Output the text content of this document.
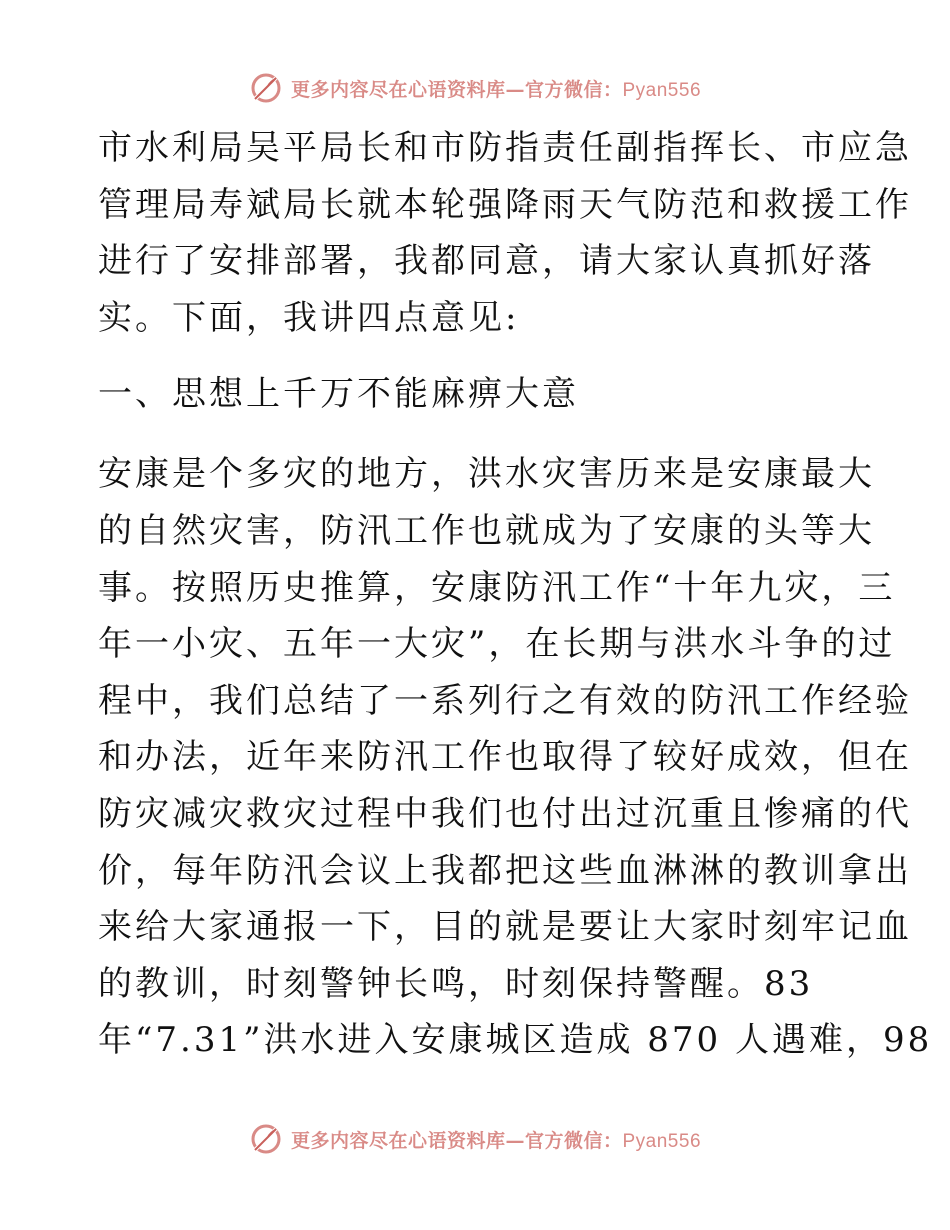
更多内容尽在心语资料库—官方微信：Pyan556
市水利局吴平局长和市防指责任副指挥长、市应急
管理局寿斌局长就本轮强降雨天气防范和救援工作
进行了安排部署，我都同意，请大家认真抓好落
实。下面，我讲四点意见:
一、思想上千万不能麻痹大意
安康是个多灾的地方，洪水灾害历来是安康最大
的自然灾害，防汛工作也就成为了安康的头等大
事。按照历史推算，安康防汛工作“十年九灾，三
年一小灾、五年一大灾”，在长期与洪水斗争的过
程中，我们总结了一系列行之有效的防汛工作经验
和办法，近年来防汛工作也取得了较好成效，但在
防灾减灾救灾过程中我们也付出过沉重且惨痛的代
价，每年防汛会议上我都把这些血淋淋的教训拿出
来给大家通报一下，目的就是要让大家时刻牢记血
的教训，时刻警钟长鸣，时刻保持警醒。83
年“7.31”洪水进入安康城区造成 870 人遇难，98
更多内容尽在心语资料库—官方微信：Pyan556
